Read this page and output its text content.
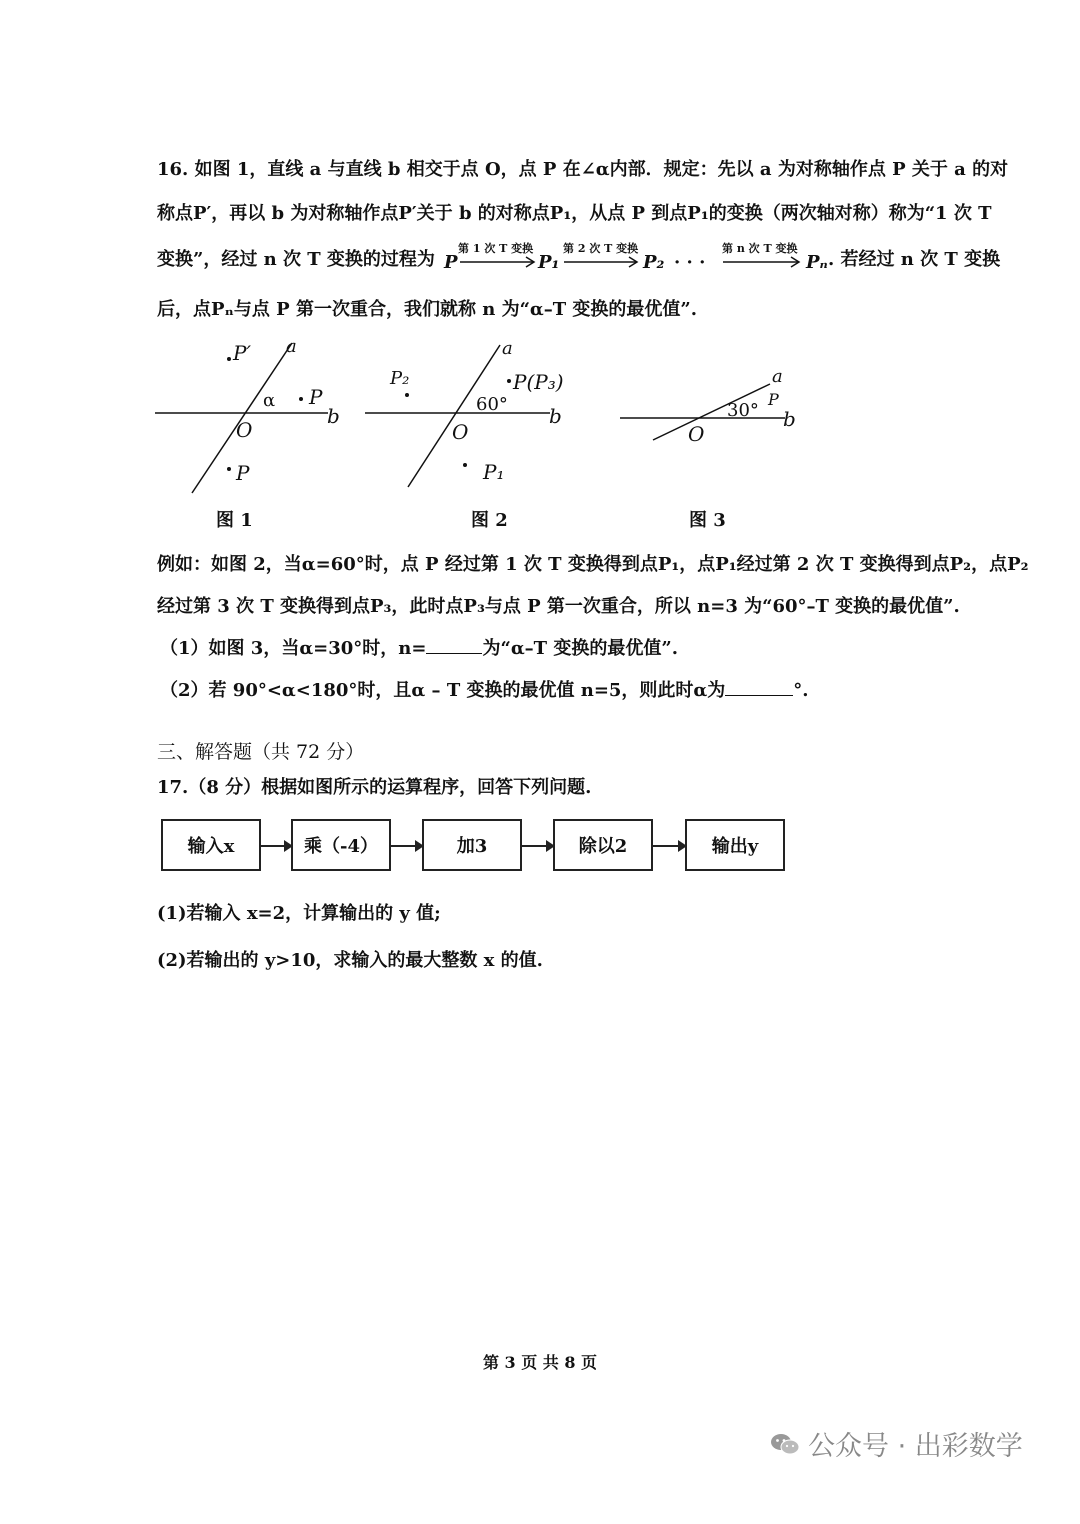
16. 如图 1，直线 a 与直线 b 相交于点 O，点 P 在∠α内部．规定：先以 a 为对称轴作点 P 关于 a 的对
称点P′，再以 b 为对称轴作点P′关于 b 的对称点P₁，从点 P 到点P₁的变换（两次轴对称）称为“1 次 T
变换”，经过 n 次 T 变换的过程为 P
第 1 次 T 变换
P₁
第 2 次 T 变换
P₂ · · ·
第 n 次 T 变换
Pₙ . 若经过 n 次 T 变换
后，点Pₙ与点 P 第一次重合，我们就称 n 为“α–T 变换的最优值”.
P′ a
α P
b
O
P
图 1
P₂
a
P(P₃)
60° b
O
P₁
图 2
a
30°
P
b
O
图 3
例如：如图 2，当α=60°时，点 P 经过第 1 次 T 变换得到点P₁，点P₁经过第 2 次 T 变换得到点P₂，点P₂
经过第 3 次 T 变换得到点P₃，此时点P₃与点 P 第一次重合，所以 n=3 为“60°–T 变换的最优值”.
（1）如图 3，当α=30°时，n=	为“α–T 变换的最优值”.
（2）若 90°<α<180°时，且α – T 变换的最优值 n=5，则此时α为	°.
三、解答题（共 72 分）
17.（8 分）根据如图所示的运算程序，回答下列问题.
输入x	乘（-4）	加3	除以2	输出y
(1)若输入 x=2，计算输出的 y 值;
(2)若输出的 y>10，求输入的最大整数 x 的值.
第 3 页 共 8 页
公众号 · 出彩数学
